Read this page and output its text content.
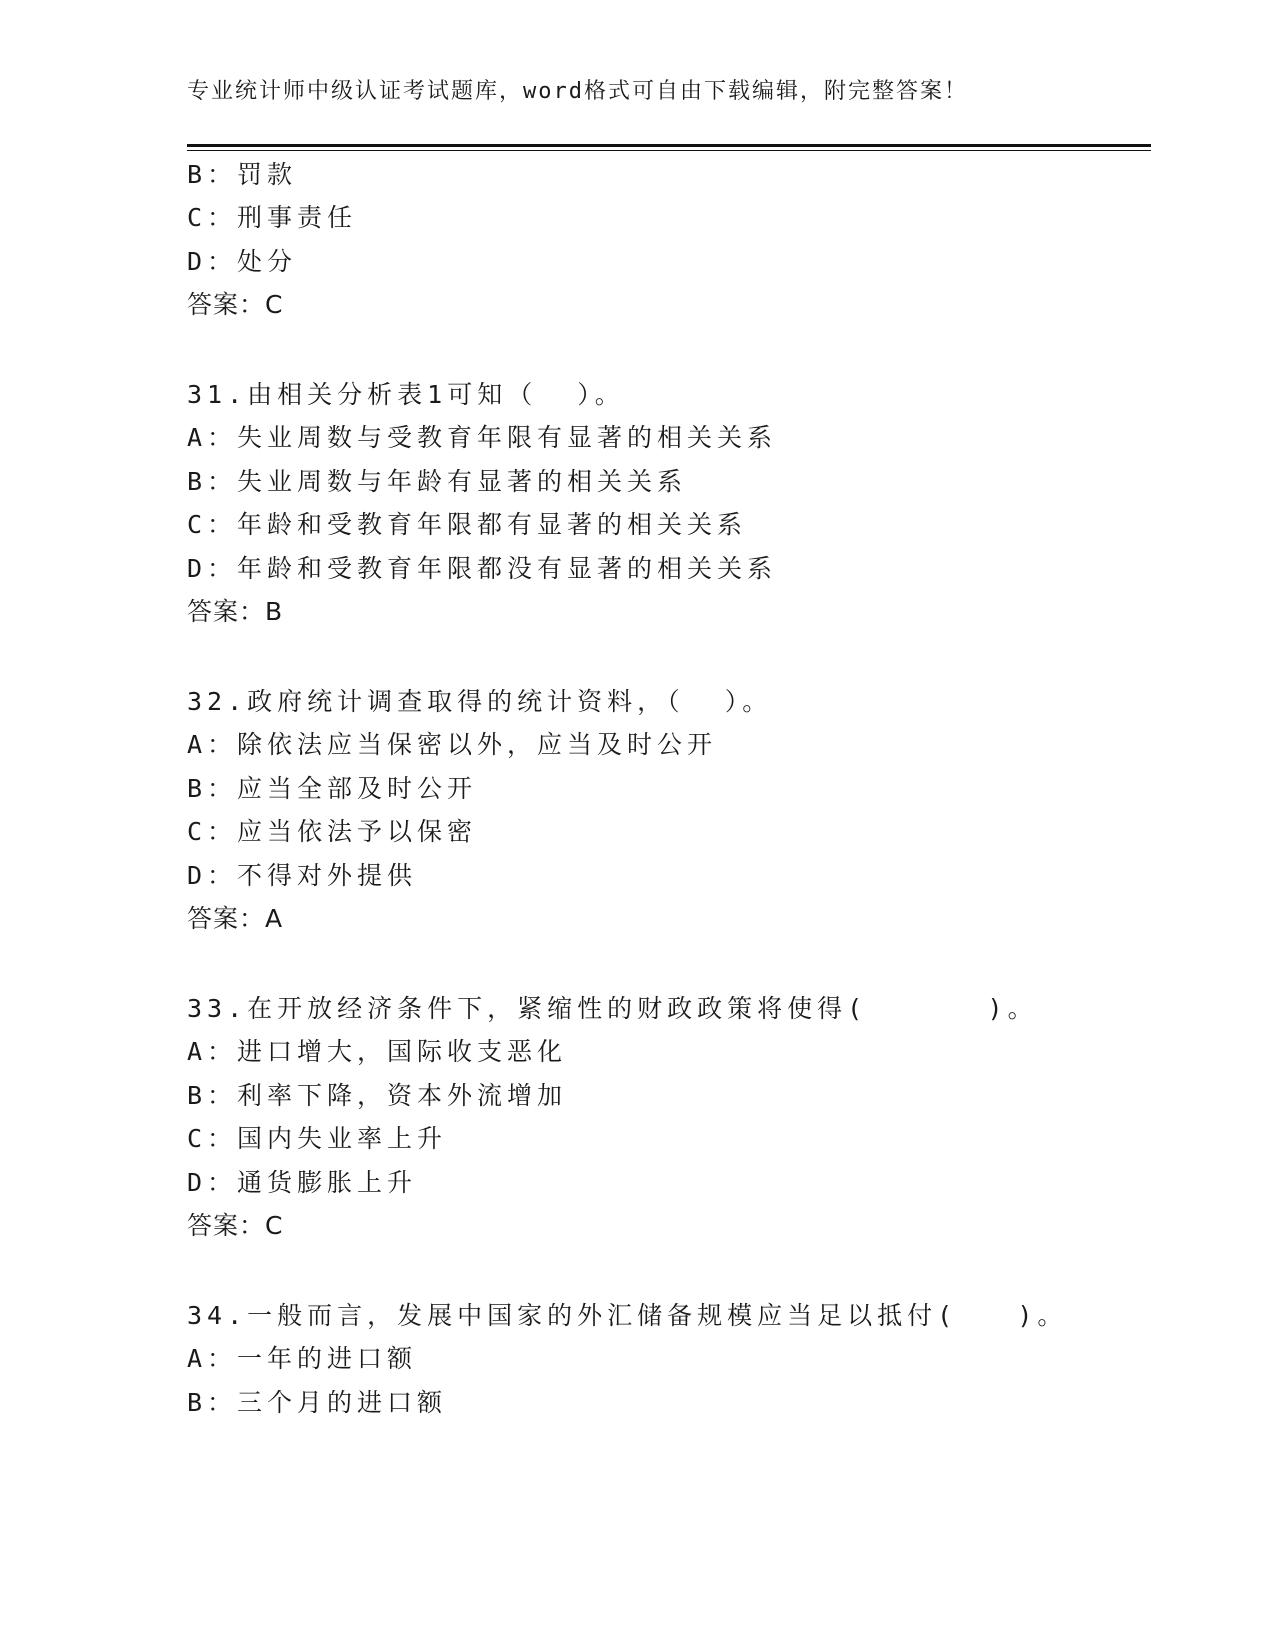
专业统计师中级认证考试题库，word格式可自由下载编辑，附完整答案！
B：罚款
C：刑事责任
D：处分
答案：C
31.由相关分析表1可知（  ）。
A：失业周数与受教育年限有显著的相关关系
B：失业周数与年龄有显著的相关关系
C：年龄和受教育年限都有显著的相关关系
D：年龄和受教育年限都没有显著的相关关系
答案：B
32.政府统计调查取得的统计资料，（  ）。
A：除依法应当保密以外，应当及时公开
B：应当全部及时公开
C：应当依法予以保密
D：不得对外提供
答案：A
33.在开放经济条件下，紧缩性的财政政策将使得(      )。
A：进口增大，国际收支恶化
B：利率下降，资本外流增加
C：国内失业率上升
D：通货膨胀上升
答案：C
34.一般而言，发展中国家的外汇储备规模应当足以抵付(   )。
A：一年的进口额
B：三个月的进口额
